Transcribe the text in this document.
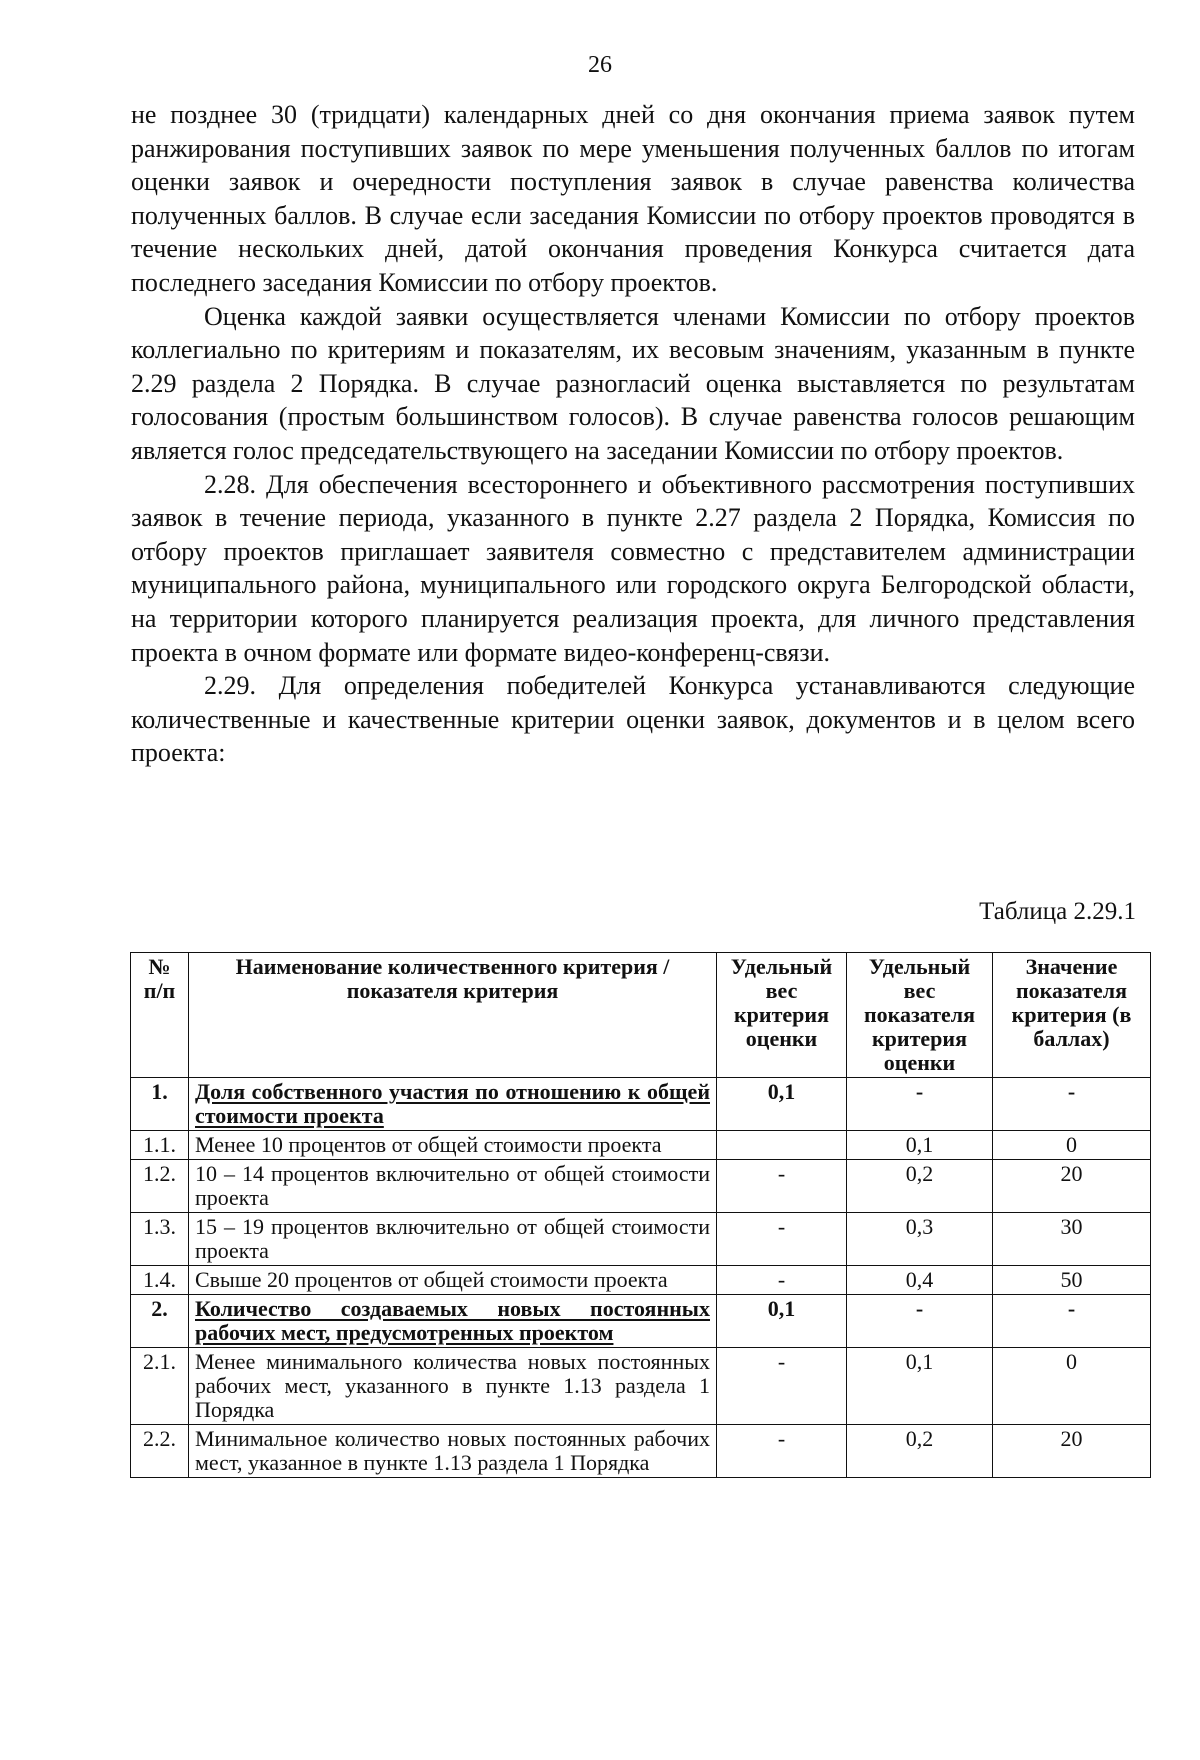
26

не позднее 30 (тридцати) календарных дней со дня окончания приема заявок путем ранжирования поступивших заявок по мере уменьшения полученных баллов по итогам оценки заявок и очередности поступления заявок в случае равенства количества полученных баллов. В случае если заседания Комиссии по отбору проектов проводятся в течение нескольких дней, датой окончания проведения Конкурса считается дата последнего заседания Комиссии по отбору проектов.

Оценка каждой заявки осуществляется членами Комиссии по отбору проектов коллегиально по критериям и показателям, их весовым значениям, указанным в пункте 2.29 раздела 2 Порядка. В случае разногласий оценка выставляется по результатам голосования (простым большинством голосов). В случае равенства голосов решающим является голос председательствующего на заседании Комиссии по отбору проектов.

2.28. Для обеспечения всестороннего и объективного рассмотрения поступивших заявок в течение периода, указанного в пункте 2.27 раздела 2 Порядка, Комиссия по отбору проектов приглашает заявителя совместно с представителем администрации муниципального района, муниципального или городского округа Белгородской области, на территории которого планируется реализация проекта, для личного представления проекта в очном формате или формате видео-конференц-связи.

2.29. Для определения победителей Конкурса устанавливаются следующие количественные и качественные критерии оценки заявок, документов и в целом всего проекта:

Таблица 2.29.1
№ п/п	Наименование количественного критерия / показателя критерия	Удельный вес критерия оценки	Удельный вес показателя критерия оценки	Значение показателя критерия (в баллах)
1.	Доля собственного участия по отношению к общей стоимости проекта	0,1	-	-
1.1.	Менее 10 процентов от общей стоимости проекта		0,1	0
1.2.	10 – 14 процентов включительно от общей стоимости проекта	-	0,2	20
1.3.	15 – 19 процентов включительно от общей стоимости проекта	-	0,3	30
1.4.	Свыше 20 процентов от общей стоимости проекта	-	0,4	50
2.	Количество создаваемых новых постоянных рабочих мест, предусмотренных проектом	0,1	-	-
2.1.	Менее минимального количества новых постоянных рабочих мест, указанного в пункте 1.13 раздела 1 Порядка	-	0,1	0
2.2.	Минимальное количество новых постоянных рабочих мест, указанное в пункте 1.13 раздела 1 Порядка	-	0,2	20
